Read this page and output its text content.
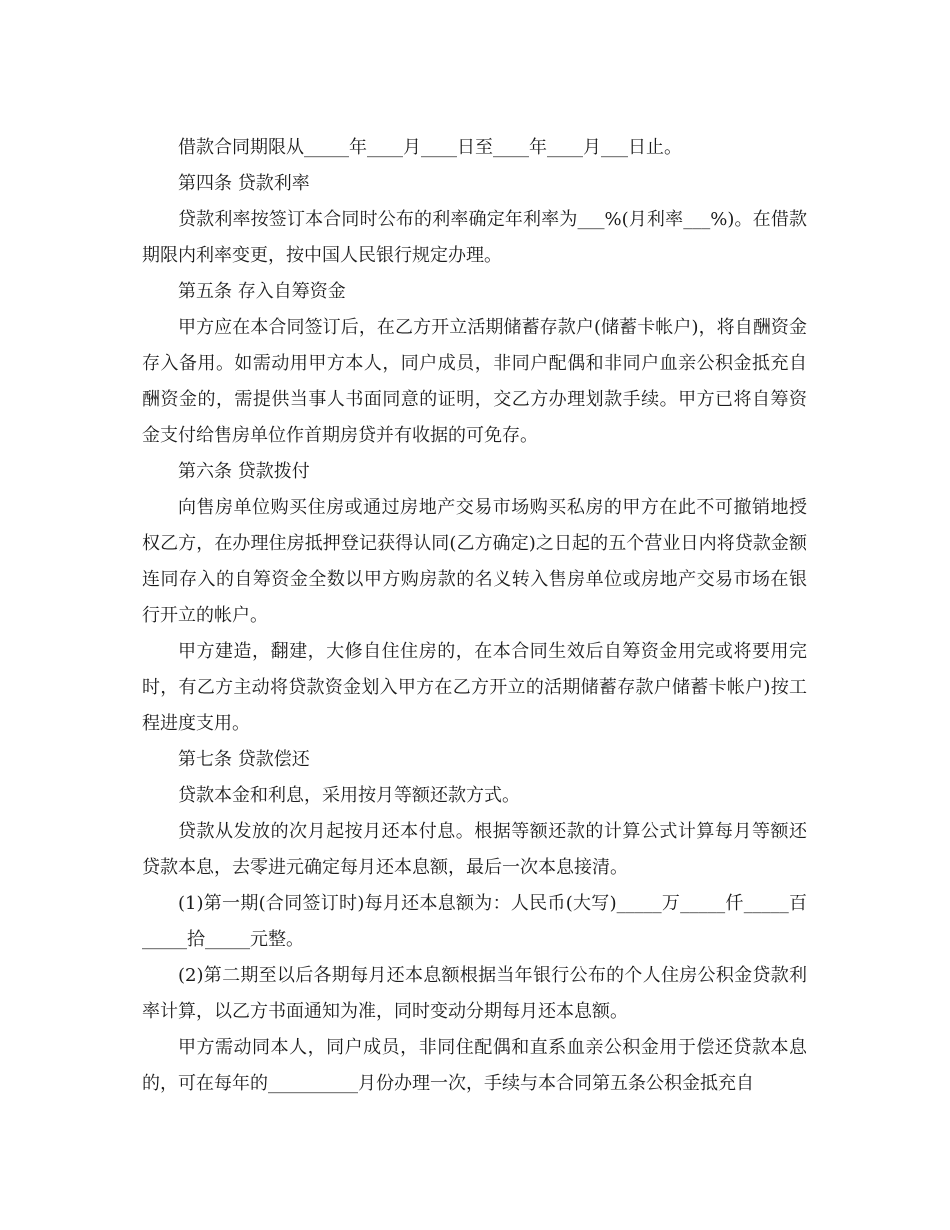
借款合同期限从_____年____月____日至____年____月___日止。

第四条 贷款利率

贷款利率按签订本合同时公布的利率确定年利率为___%(月利率___%)。在借款期限内利率变更，按中国人民银行规定办理。

第五条 存入自筹资金

甲方应在本合同签订后，在乙方开立活期储蓄存款户(储蓄卡帐户)，将自酬资金存入备用。如需动用甲方本人，同户成员，非同户配偶和非同户血亲公积金抵充自酬资金的，需提供当事人书面同意的证明，交乙方办理划款手续。甲方已将自筹资金支付给售房单位作首期房贷并有收据的可免存。

第六条 贷款拨付

向售房单位购买住房或通过房地产交易市场购买私房的甲方在此不可撤销地授权乙方，在办理住房抵押登记获得认同(乙方确定)之日起的五个营业日内将贷款金额连同存入的自筹资金全数以甲方购房款的名义转入售房单位或房地产交易市场在银行开立的帐户。

甲方建造，翻建，大修自住住房的，在本合同生效后自筹资金用完或将要用完时，有乙方主动将贷款资金划入甲方在乙方开立的活期储蓄存款户储蓄卡帐户)按工程进度支用。

第七条 贷款偿还

贷款本金和利息，采用按月等额还款方式。

贷款从发放的次月起按月还本付息。根据等额还款的计算公式计算每月等额还贷款本息，去零进元确定每月还本息额，最后一次本息接清。

(1)第一期(合同签订时)每月还本息额为：人民币(大写)_____万_____仟_____百_____拾_____元整。

(2)第二期至以后各期每月还本息额根据当年银行公布的个人住房公积金贷款利率计算，以乙方书面通知为准，同时变动分期每月还本息额。

甲方需动同本人，同户成员，非同住配偶和直系血亲公积金用于偿还贷款本息的，可在每年的__________月份办理一次，手续与本合同第五条公积金抵充自
